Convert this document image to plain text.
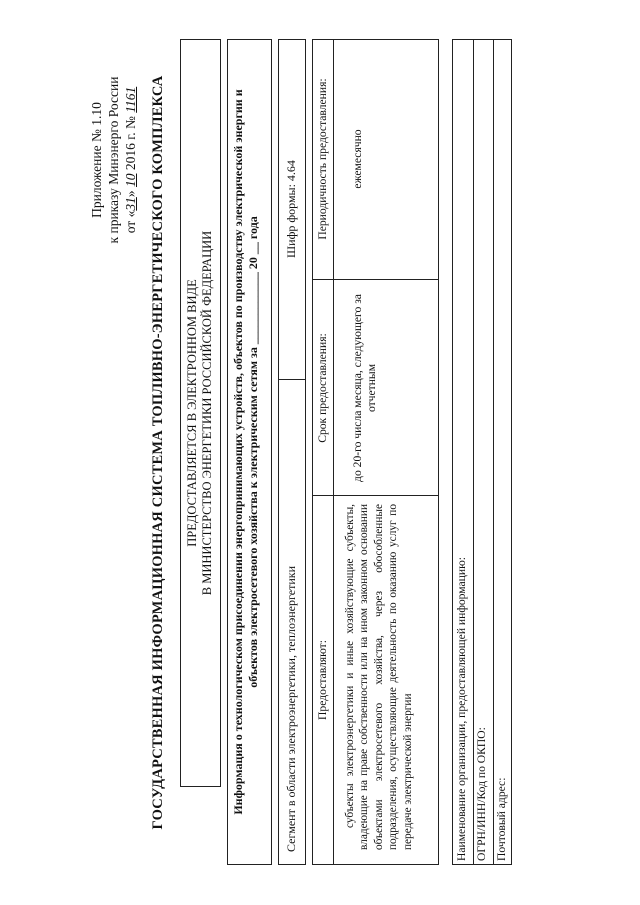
Приложение № 1.10 к приказу Минэнерго России от «31» 10 2016 г. № 1161 ГОСУДАРСТВЕННАЯ ИНФОРМАЦИОННАЯ СИСТЕМА ТОПЛИВНО-ЭНЕРГЕТИЧЕСКОГО КОМПЛЕКСА ПРЕДОСТАВЛЯЕТСЯ В ЭЛЕКТРОННОМ ВИДЕ В МИНИСТЕРСТВО ЭНЕРГЕТИКИ РОССИЙСКОЙ ФЕДЕРАЦИИ Информация о технологическом присоединении энергопринимающих устройств, объектов по производству электрической энергии и объектов электросетевого хозяйства к электрическим сетям за ____________ 20 __ года
Сегмент в области электроэнергетики, теплоэнергетики
Шифр формы: 4.64
Предоставляют:
Срок предоставления:
Периодичность предоставления:
субъекты электроэнергетики и иные хозяйствующие субъекты, владеющие на праве собственности или на ином законном основании объектами электросетевого хозяйства, через обособленные подразделения, осуществляющие деятельность по оказанию услуг по передаче электрической энергии
до 20-го числа месяца, следующего за отчетным
ежемесячно
Наименование организации, предоставляющей информацию: ОГРН/ИНН/Код по ОКПО: Почтовый адрес:
